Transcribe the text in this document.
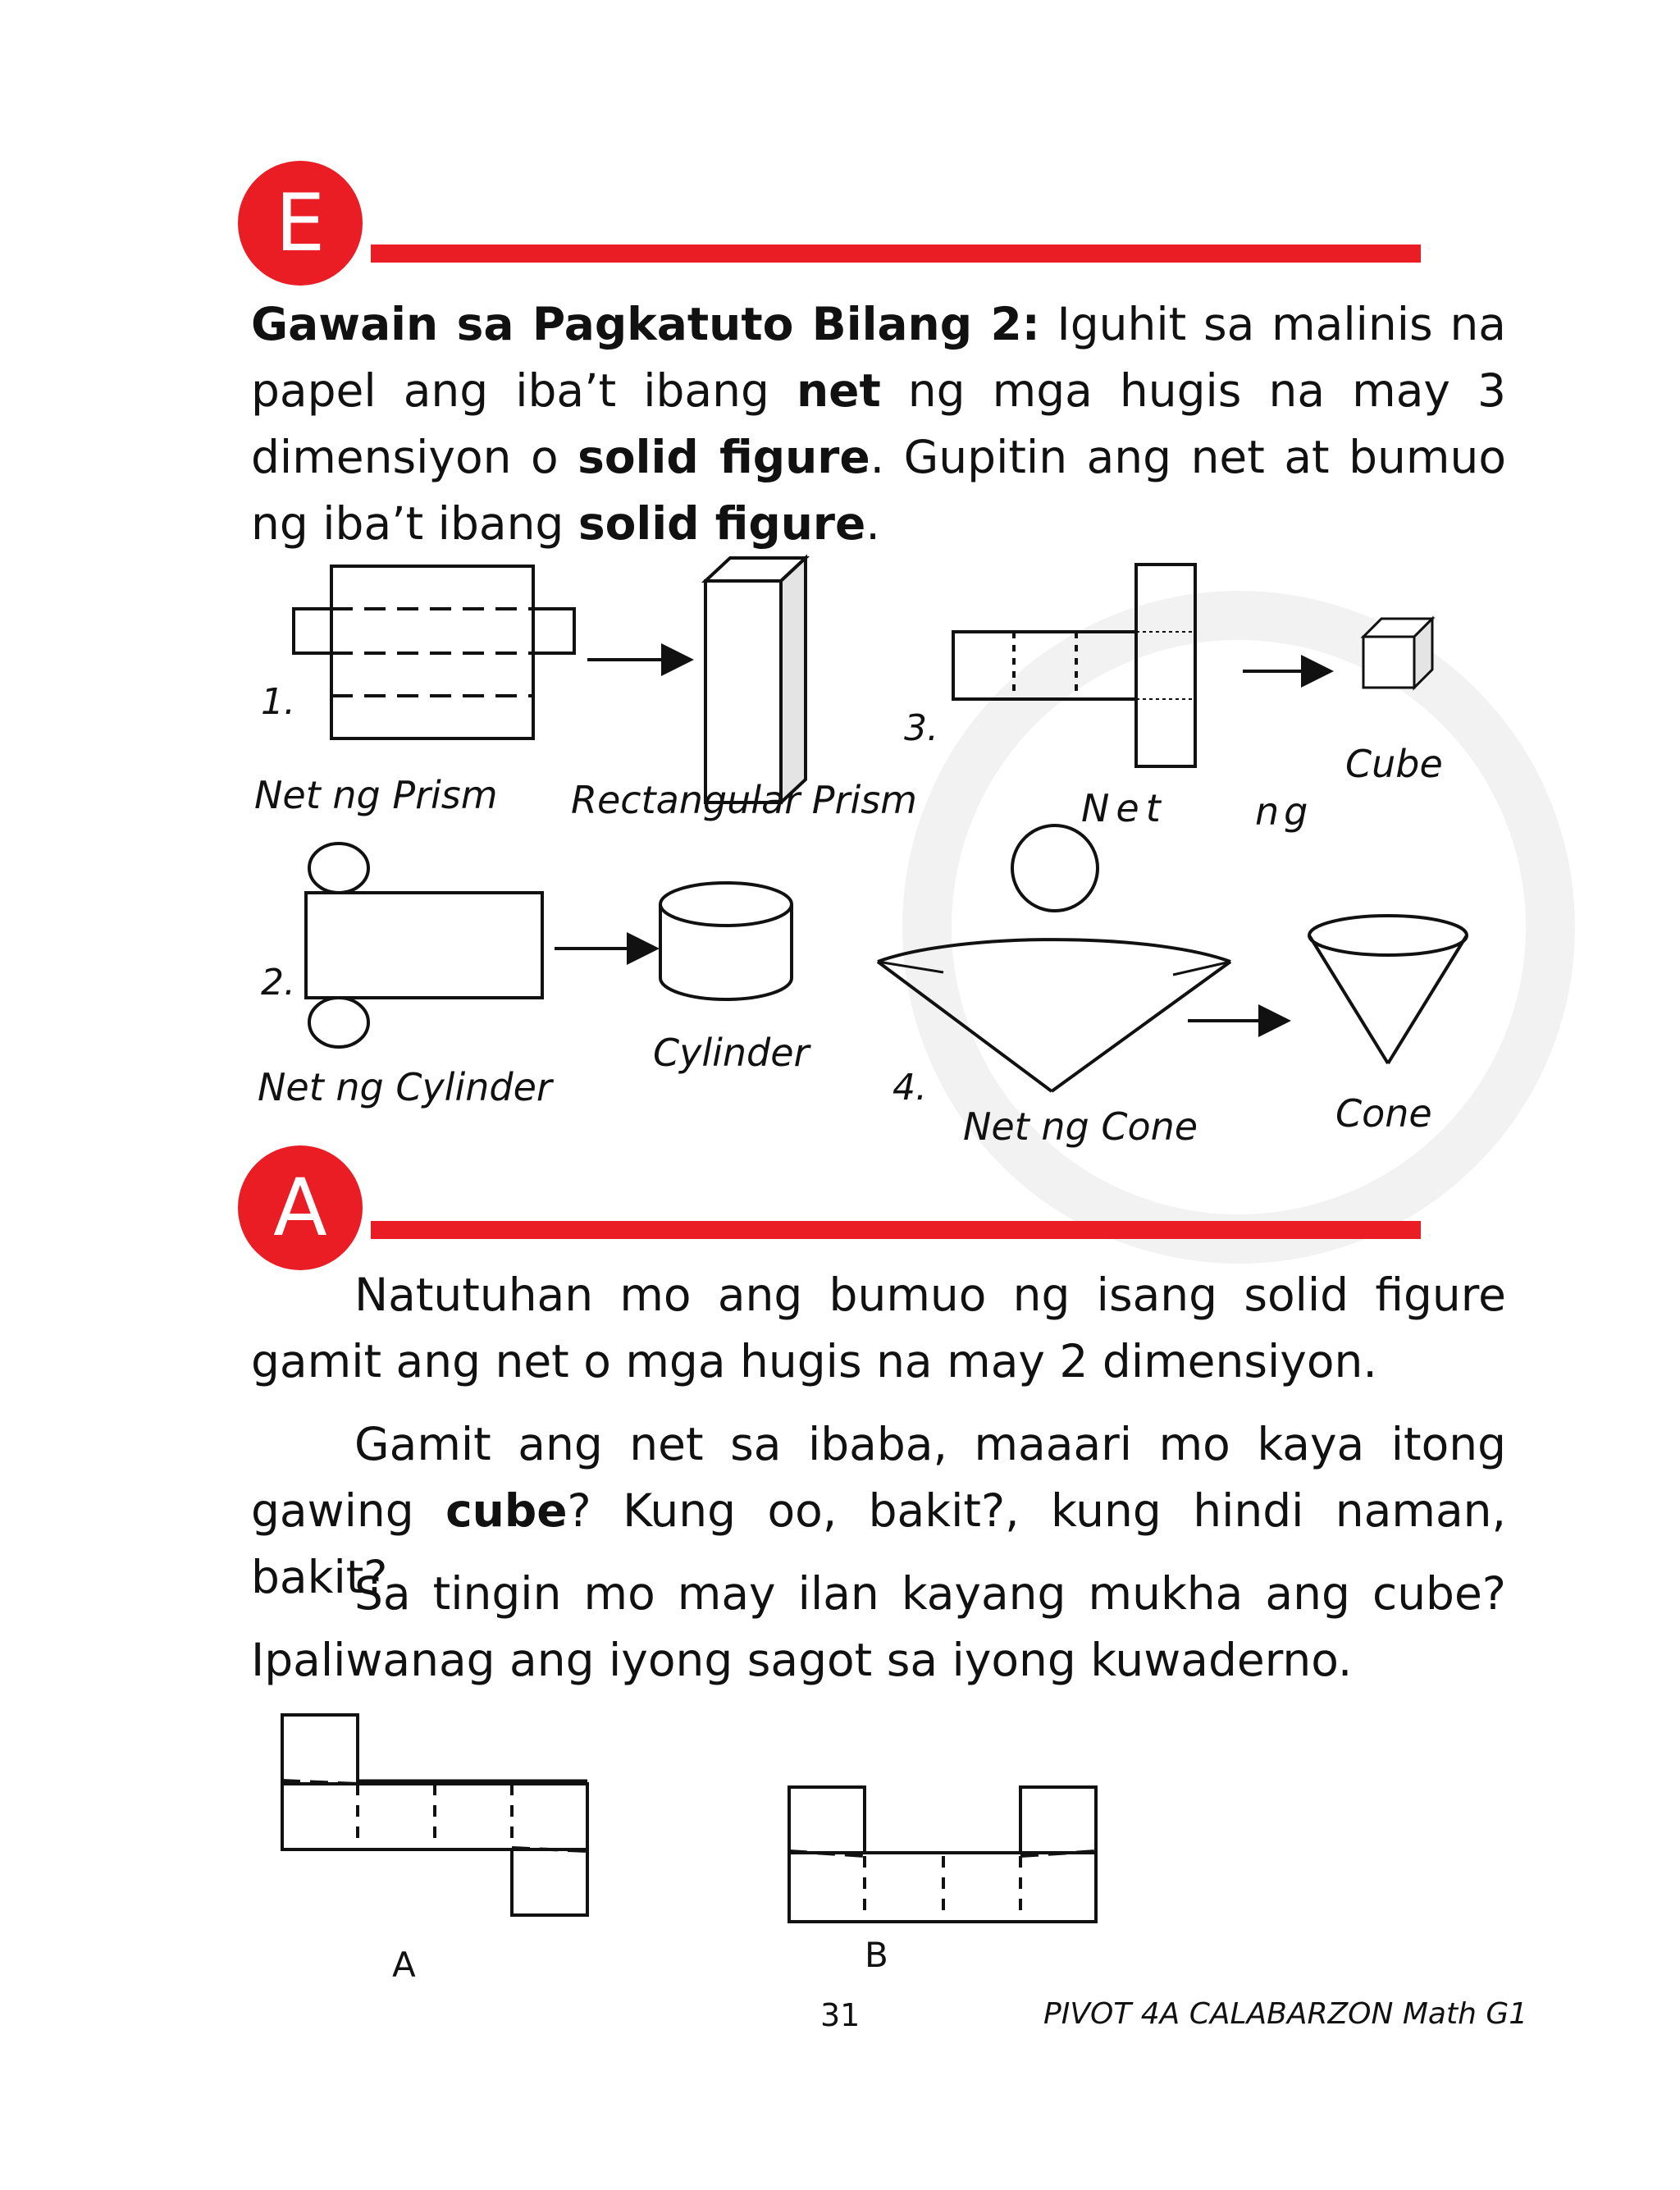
E

Gawain sa Pagkatuto Bilang 2: Iguhit sa malinis na papel ang iba’t ibang net ng mga hugis na may 3 dimensiyon o solid figure. Gupitin ang net at bumuo ng iba’t ibang solid figure.

1.
Net ng Prism Rectangular Prism
3.
Net ng
Cube
2.
Net ng Cylinder
Cylinder
4.
Net ng Cone	Cone
A

Natutuhan mo ang bumuo ng isang solid figure gamit ang net o mga hugis na may 2 dimensiyon.

Gamit ang net sa ibaba, maaari mo kaya itong gawing cube? Kung oo, bakit?, kung hindi naman, bakit?

Sa tingin mo may ilan kayang mukha ang cube? Ipaliwanag ang iyong sagot sa iyong kuwaderno.

A	B
31	PIVOT 4A CALABARZON Math G1
